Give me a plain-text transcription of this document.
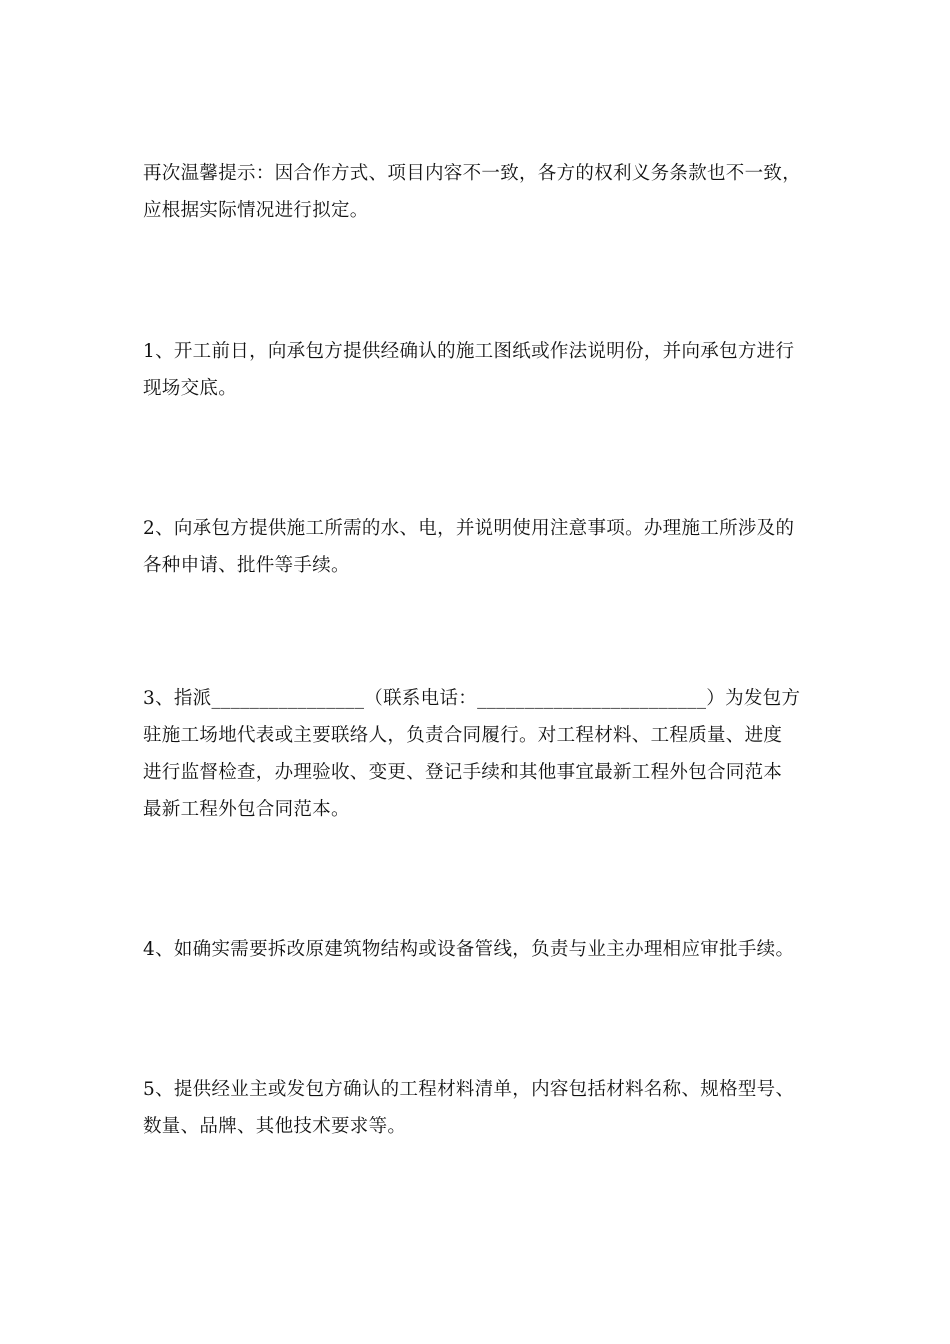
再次温馨提示：因合作方式、项目内容不一致，各方的权利义务条款也不一致，
应根据实际情况进行拟定。

1、开工前日，向承包方提供经确认的施工图纸或作法说明份，并向承包方进行
现场交底。

2、向承包方提供施工所需的水、电，并说明使用注意事项。办理施工所涉及的
各种申请、批件等手续。

3、指派________________（联系电话：________________________）为发包方
驻施工场地代表或主要联络人，负责合同履行。对工程材料、工程质量、进度
进行监督检查，办理验收、变更、登记手续和其他事宜最新工程外包合同范本
最新工程外包合同范本。

4、如确实需要拆改原建筑物结构或设备管线，负责与业主办理相应审批手续。

5、提供经业主或发包方确认的工程材料清单，内容包括材料名称、规格型号、
数量、品牌、其他技术要求等。
